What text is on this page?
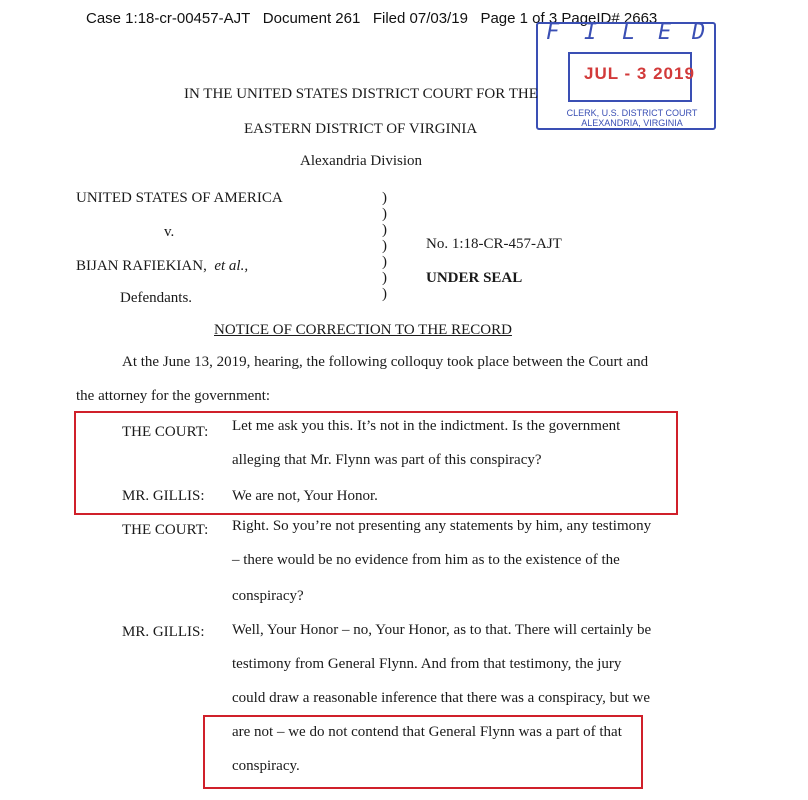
Case 1:18-cr-00457-AJT Document 261 Filed 07/03/19 Page 1 of 3 PageID# 2663
F I L E D
JUL - 3 2019
CLERK, U.S. DISTRICT COURT
ALEXANDRIA, VIRGINIA
IN THE UNITED STATES DISTRICT COURT FOR THE
EASTERN DISTRICT OF VIRGINIA
Alexandria Division
UNITED STATES OF AMERICA
v.
BIJAN RAFIEKIAN, et al.,
Defendants.
)
)
)
)
)
)
)
No. 1:18-CR-457-AJT
UNDER SEAL
NOTICE OF CORRECTION TO THE RECORD
At the June 13, 2019, hearing, the following colloquy took place between the Court and
the attorney for the government:
THE COURT: Let me ask you this. It’s not in the indictment. Is the government
alleging that Mr. Flynn was part of this conspiracy?
MR. GILLIS: We are not, Your Honor.
THE COURT: Right. So you’re not presenting any statements by him, any testimony
– there would be no evidence from him as to the existence of the
conspiracy?
MR. GILLIS: Well, Your Honor – no, Your Honor, as to that. There will certainly be
testimony from General Flynn. And from that testimony, the jury
could draw a reasonable inference that there was a conspiracy, but we
are not – we do not contend that General Flynn was a part of that
conspiracy.
